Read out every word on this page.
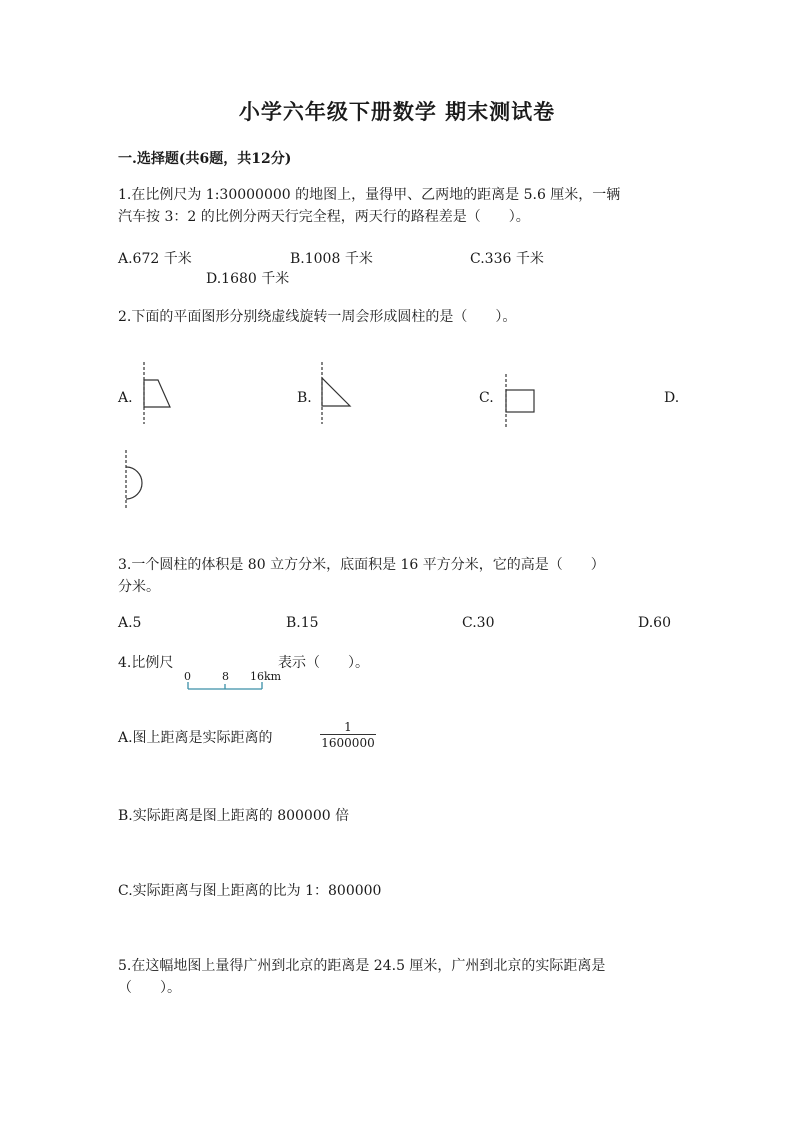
小学六年级下册数学 期末测试卷
一.选择题(共6题，共12分)
1.在比例尺为 1:30000000 的地图上，量得甲、乙两地的距离是 5.6 厘米，一辆
汽车按 3：2 的比例分两天行完全程，两天行的路程差是（　　）。
A.672 千米	B.1008 千米	C.336 千米
D.1680 千米
2.下面的平面图形分别绕虚线旋转一周会形成圆柱的是（　　）。
A.	B.	C.	D.
3.一个圆柱的体积是 80 立方分米，底面积是 16 平方分米，它的高是（　　）
分米。
A.5	B.15	C.30	D.60
4.比例尺
0	8 16km
表示（　　）。
A.图上距离是实际距离的	$\frac{1}{1600000}$
B.实际距离是图上距离的 800000 倍
C.实际距离与图上距离的比为 1：800000
5.在这幅地图上量得广州到北京的距离是 24.5 厘米，广州到北京的实际距离是
（　　）。
